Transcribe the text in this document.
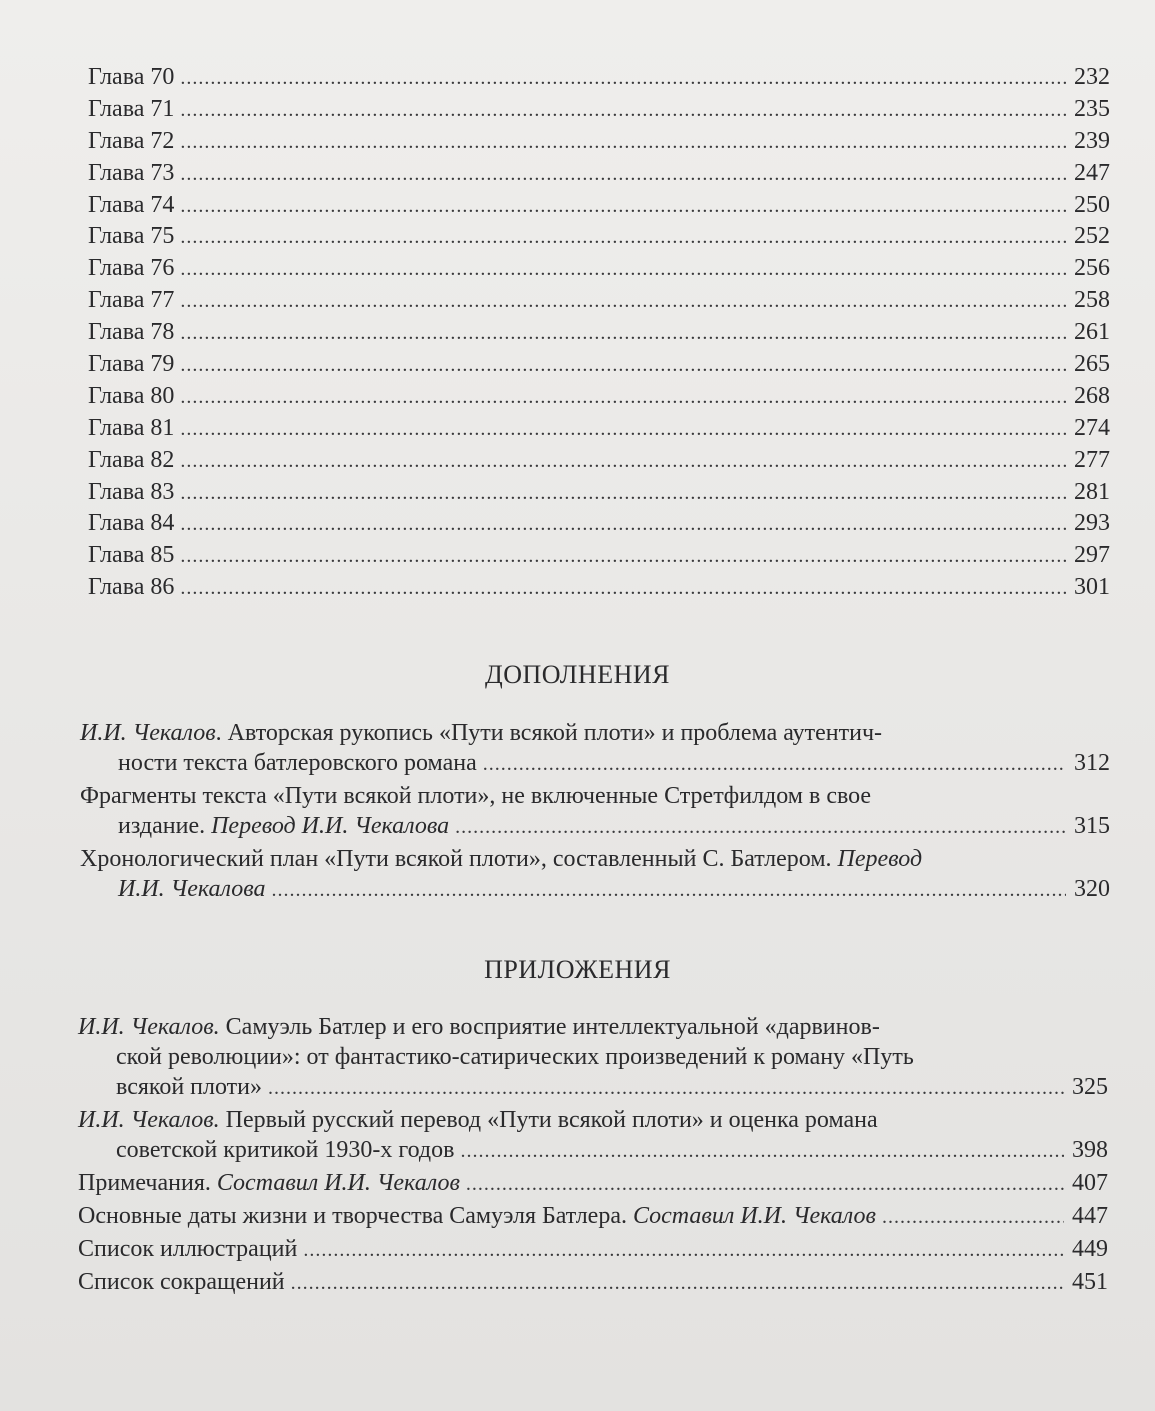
Глава 70 .....	232
Глава 71 .....	235
Глава 72 .....	239
Глава 73 .....	247
Глава 74 .....	250
Глава 75 .....	252
Глава 76 .....	256
Глава 77 .....	258
Глава 78 .....	261
Глава 79 .....	265
Глава 80 .....	268
Глава 81 .....	274
Глава 82 .....	277
Глава 83 .....	281
Глава 84 .....	293
Глава 85 .....	297
Глава 86 .....	301
ДОПОЛНЕНИЯ
И.И. Чекалов. Авторская рукопись «Пути всякой плоти» и проблема аутентич-
ности текста батлеровского романа .....	312
Фрагменты текста «Пути всякой плоти», не включенные Стретфилдом в свое
издание. Перевод И.И. Чекалова .....	315
Хронологический план «Пути всякой плоти», составленный С. Батлером. Перевод
И.И. Чекалова .....	320
ПРИЛОЖЕНИЯ
И.И. Чекалов. Самуэль Батлер и его восприятие интеллектуальной «дарвинов-
ской революции»: от фантастико-сатирических произведений к роману «Путь
всякой плоти» .....	325
И.И. Чекалов. Первый русский перевод «Пути всякой плоти» и оценка романа
советской критикой 1930-х годов .....	398
Примечания. Составил И.И. Чекалов .....	407
Основные даты жизни и творчества Самуэля Батлера. Составил И.И. Чекалов .....	447
Список иллюстраций .....	449
Список сокращений .....	451
